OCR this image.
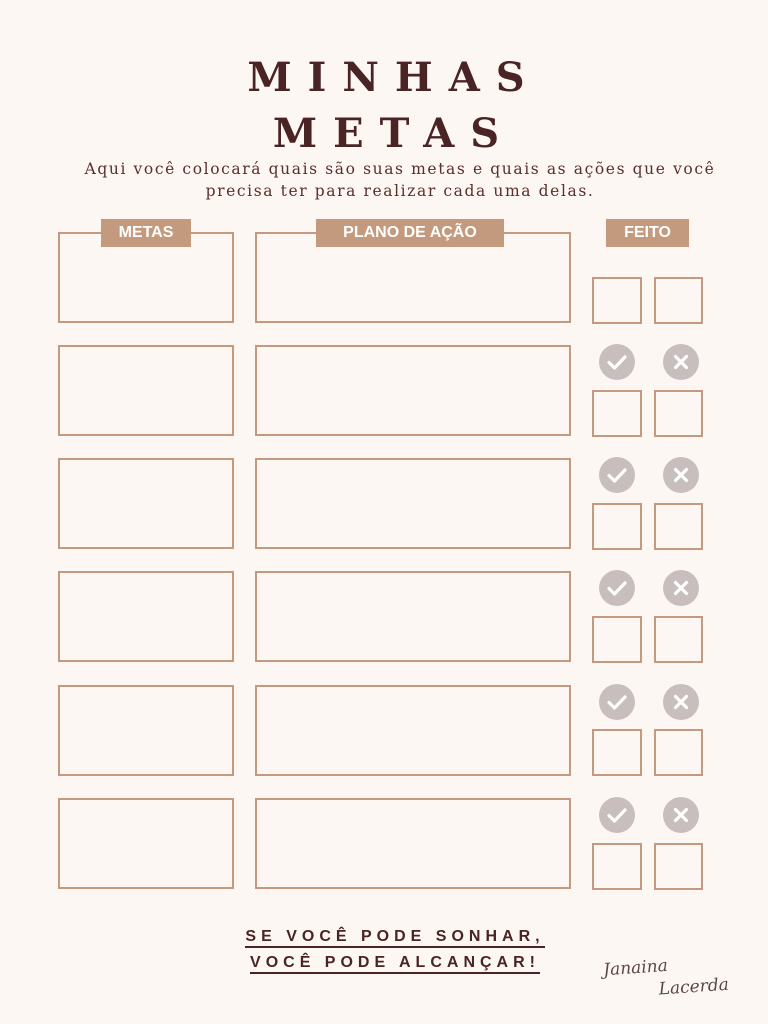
MINHAS
METAS
Aqui você colocará quais são suas metas e quais as ações que você
precisa ter para realizar cada uma delas.
METAS	PLANO DE AÇÃO	FEITO
SE VOCÊ PODE SONHAR,
VOCÊ PODE ALCANÇAR!	Janaina
Lacerda
